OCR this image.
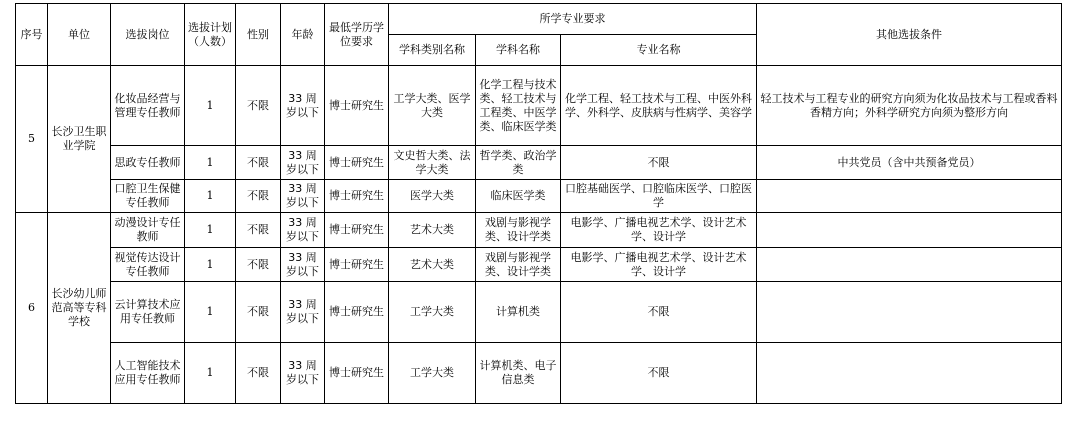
序号	单位	选拔岗位	选拔计划（人数）	性别	年龄	最低学历学位要求	所学专业要求			其他选拔条件
							学科类别名称	学科名称	专业名称	
5	长沙卫生职业学院	化妆品经营与管理专任教师	1	不限	33 周岁以下	博士研究生	工学大类、医学大类	化学工程与技术类、轻工技术与工程类、中医学类、临床医学类	化学工程、轻工技术与工程、中医外科学、外科学、皮肤病与性病学、美容学	轻工技术与工程专业的研究方向须为化妆品技术与工程或香料香精方向；外科学研究方向须为整形方向
		思政专任教师	1	不限	33 周岁以下	博士研究生	文史哲大类、法学大类	哲学类、政治学类	不限	中共党员（含中共预备党员）
		口腔卫生保健专任教师	1	不限	33 周岁以下	博士研究生	医学大类	临床医学类	口腔基础医学、口腔临床医学、口腔医学	
6	长沙幼儿师范高等专科学校	动漫设计专任教师	1	不限	33 周岁以下	博士研究生	艺术大类	戏剧与影视学类、设计学类	电影学、广播电视艺术学、设计艺术学、设计学	
		视觉传达设计专任教师	1	不限	33 周岁以下	博士研究生	艺术大类	戏剧与影视学类、设计学类	电影学、广播电视艺术学、设计艺术学、设计学	
		云计算技术应用专任教师	1	不限	33 周岁以下	博士研究生	工学大类	计算机类	不限	
		人工智能技术应用专任教师	1	不限	33 周岁以下	博士研究生	工学大类	计算机类、电子信息类	不限	
